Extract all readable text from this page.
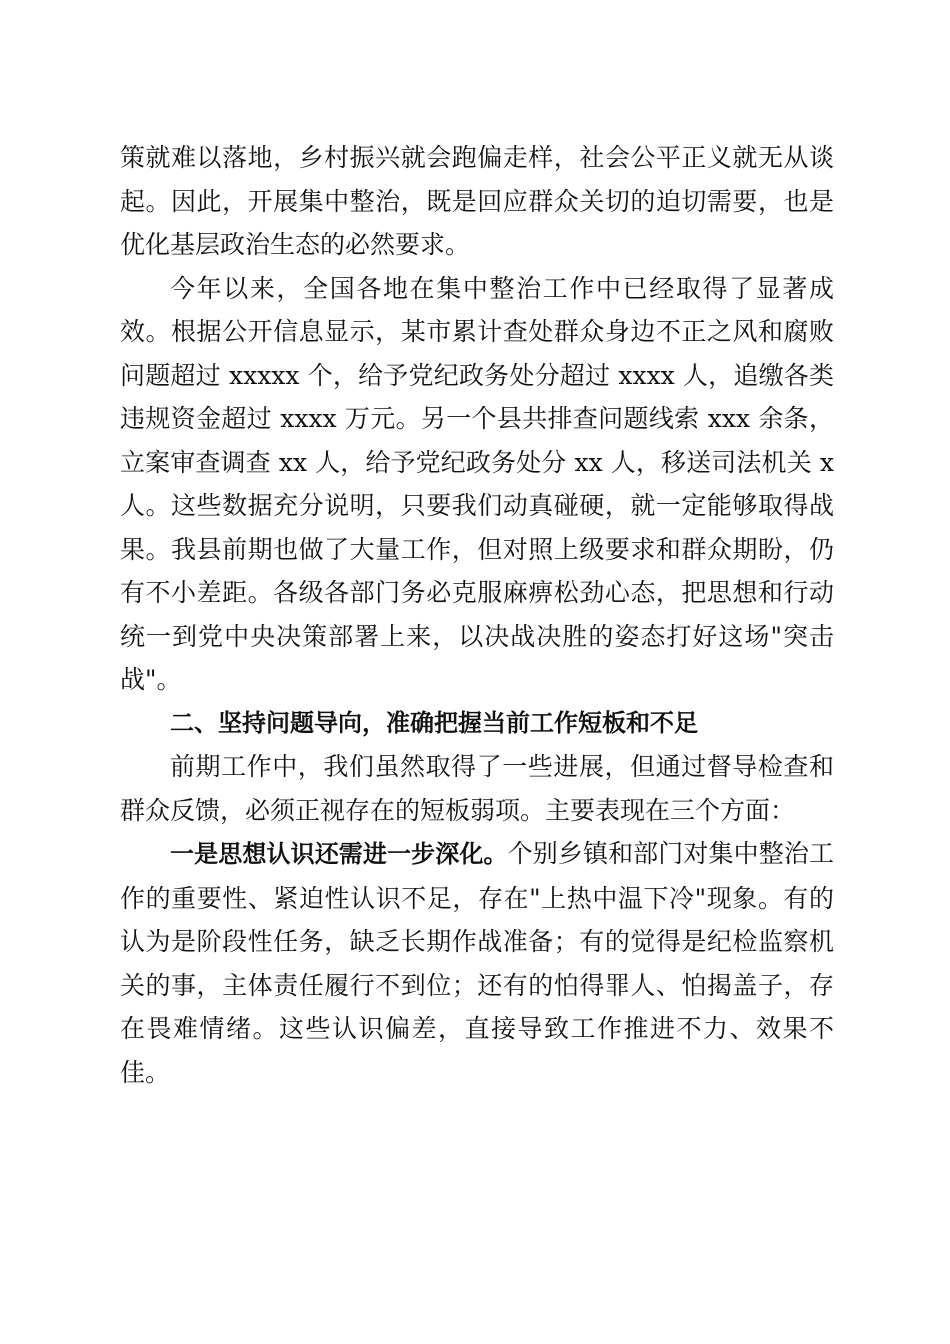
策就难以落地，乡村振兴就会跑偏走样，社会公平正义就无从谈起。因此，开展集中整治，既是回应群众关切的迫切需要，也是优化基层政治生态的必然要求。

今年以来，全国各地在集中整治工作中已经取得了显著成效。根据公开信息显示，某市累计查处群众身边不正之风和腐败问题超过 xxxxx 个，给予党纪政务处分超过 xxxx 人，追缴各类违规资金超过 xxxx 万元。另一个县共排查问题线索 xxx 余条，立案审查调查 xx 人，给予党纪政务处分 xx 人，移送司法机关 x 人。这些数据充分说明，只要我们动真碰硬，就一定能够取得战果。我县前期也做了大量工作，但对照上级要求和群众期盼，仍有不小差距。各级各部门务必克服麻痹松劲心态，把思想和行动统一到党中央决策部署上来，以决战决胜的姿态打好这场"突击战"。

二、坚持问题导向，准确把握当前工作短板和不足

前期工作中，我们虽然取得了一些进展，但通过督导检查和群众反馈，必须正视存在的短板弱项。主要表现在三个方面：

一是思想认识还需进一步深化。个别乡镇和部门对集中整治工作的重要性、紧迫性认识不足，存在"上热中温下冷"现象。有的认为是阶段性任务，缺乏长期作战准备；有的觉得是纪检监察机关的事，主体责任履行不到位；还有的怕得罪人、怕揭盖子，存在畏难情绪。这些认识偏差，直接导致工作推进不力、效果不佳。
